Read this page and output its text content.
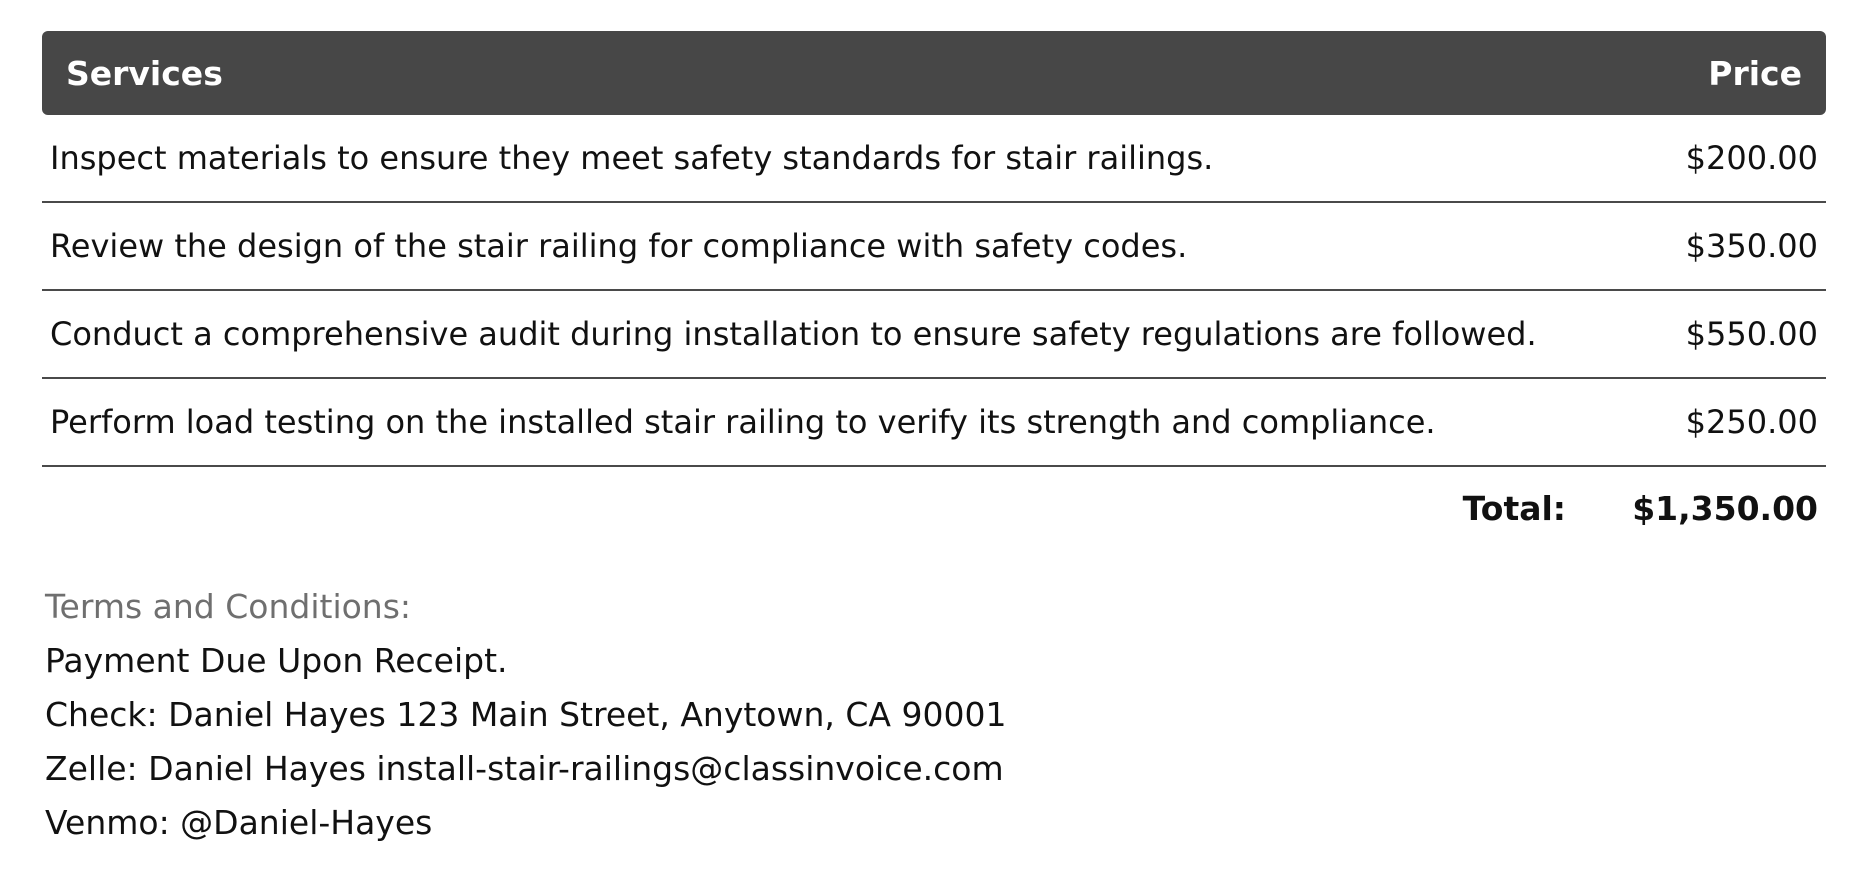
Services	Price
Inspect materials to ensure they meet safety standards for stair railings.	$200.00
Review the design of the stair railing for compliance with safety codes.	$350.00
Conduct a comprehensive audit during installation to ensure safety regulations are followed.	$550.00
Perform load testing on the installed stair railing to verify its strength and compliance.	$250.00
Total: $1,350.00
Terms and Conditions:
Payment Due Upon Receipt.
Check: Daniel Hayes 123 Main Street, Anytown, CA 90001
Zelle: Daniel Hayes install-stair-railings@classinvoice.com
Venmo: @Daniel-Hayes
